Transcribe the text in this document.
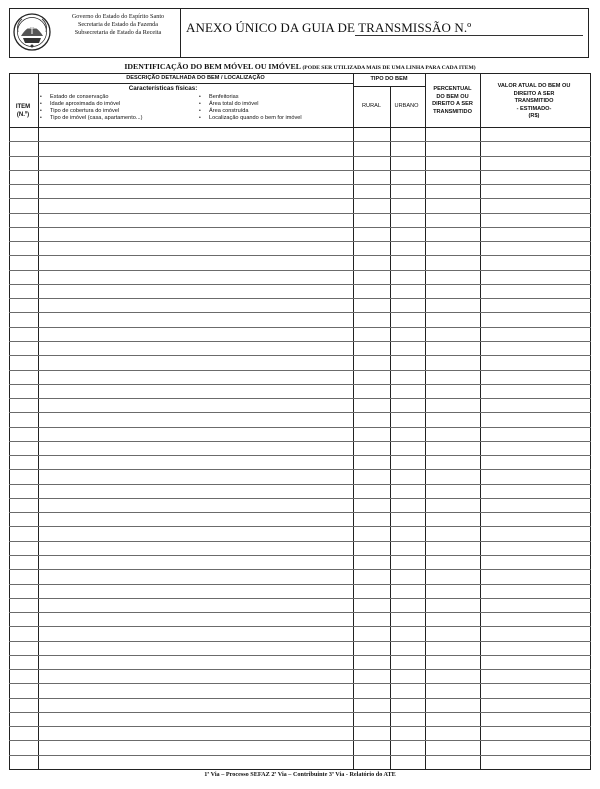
Governo do Estado do Espírito Santo
Secretaria de Estado da Fazenda
Subsecretaria de Estado da Receita	ANEXO ÚNICO DA GUIA DE TRANSMISSÃO N.º
IDENTIFICAÇÃO DO BEM MÓVEL OU IMÓVEL (PODE SER UTILIZADA MAIS DE UMA LINHA PARA CADA ITEM)
ITEM
(N.º)
DESCRIÇÃO DETALHADA DO BEM / LOCALIZAÇÃO
Características físicas:
• Estado de conservação
• Idade aproximada do imóvel
• Tipo de cobertura do imóvel
• Tipo de imóvel (casa, apartamento...)
• Benfeitorias
• Área total do imóvel
• Área construída
• Localização quando o bem for imóvel
TIPO DO BEM
RURAL	URBANO
PERCENTUAL
DO BEM OU
DIREITO A SER
TRANSMITIDO
VALOR ATUAL DO BEM OU
DIREITO A SER
TRANSMITIDO
- ESTIMADO-
(R$)
1ª Via – Processo SEFAZ 2ª Via – Contribuinte 3ª Via - Relatório do ATE
